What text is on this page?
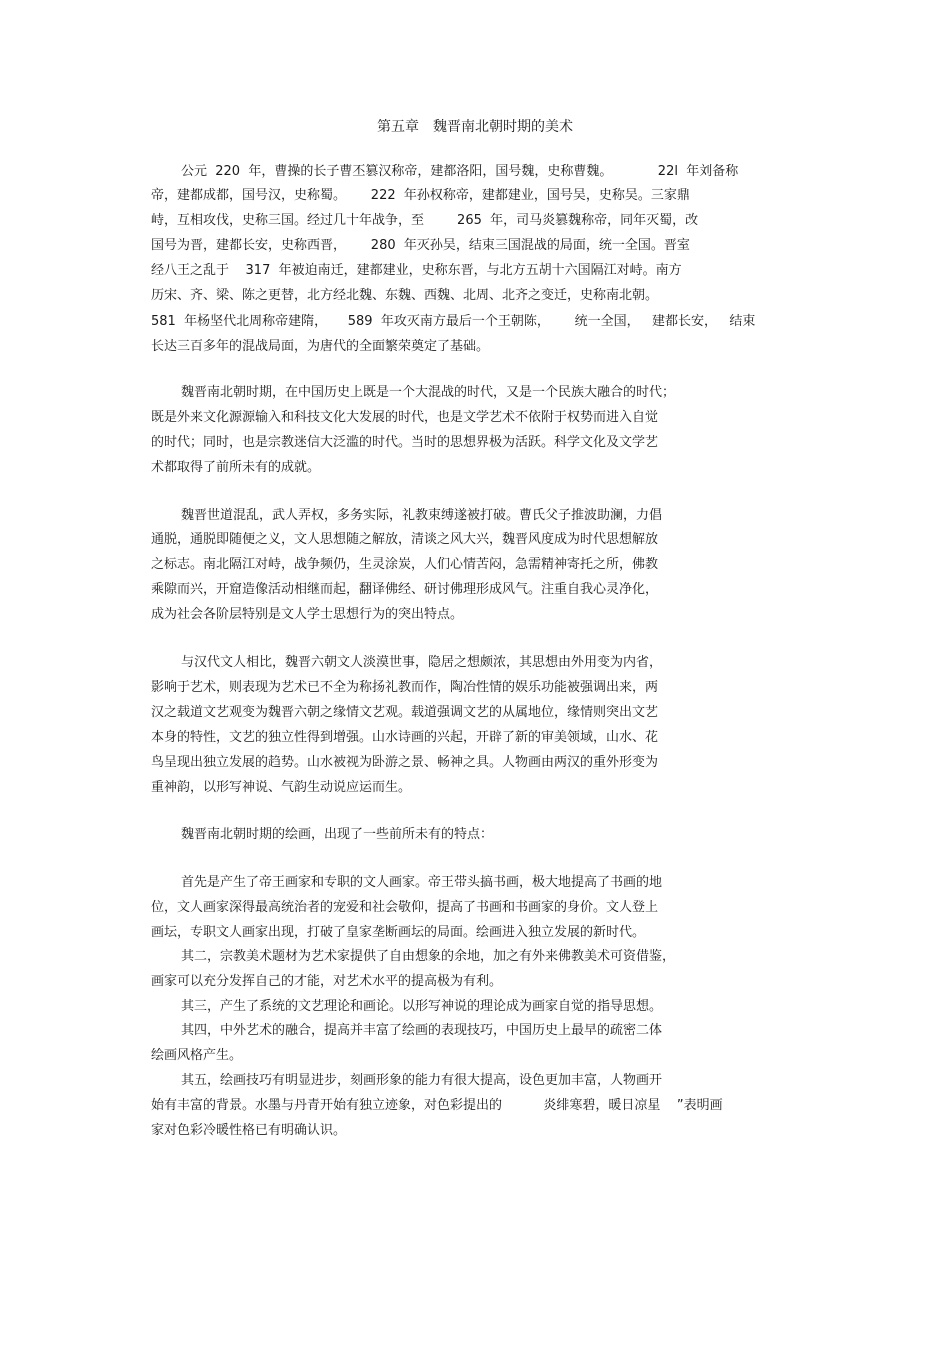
第五章　魏晋南北朝时期的美术
公元  220  年，曹操的长子曹丕篡汉称帝，建都洛阳，国号魏，史称曹魏。           22l  年刘备称
帝，建都成都，国号汉，史称蜀。      222  年孙权称帝，建都建业，国号吴，史称吴。三家鼎
峙，互相攻伐，史称三国。经过几十年战争，至        265  年，司马炎篡魏称帝，同年灭蜀，改
国号为晋，建都长安，史称西晋，      280  年灭孙吴，结束三国混战的局面，统一全国。晋室
经八王之乱于    317  年被迫南迁，建都建业，史称东晋，与北方五胡十六国隔江对峙。南方
历宋、齐、梁、陈之更替，北方经北魏、东魏、西魏、北周、北齐之变迁，史称南北朝。
581  年杨坚代北周称帝建隋，     589  年攻灭南方最后一个王朝陈，      统一全国，   建都长安，   结束
长达三百多年的混战局面，为唐代的全面繁荣奠定了基础。
魏晋南北朝时期，在中国历史上既是一个大混战的时代，又是一个民族大融合的时代；
既是外来文化源源输入和科技文化大发展的时代，也是文学艺术不依附于权势而进入自觉
的时代；同时，也是宗教迷信大泛滥的时代。当时的思想界极为活跃。科学文化及文学艺
术都取得了前所未有的成就。
魏晋世道混乱，武人弄权，多务实际，礼教束缚遂被打破。曹氏父子推波助澜，力倡
通脱，通脱即随便之义，文人思想随之解放，清谈之风大兴，魏晋风度成为时代思想解放
之标志。南北隔江对峙，战争频仍，生灵涂炭，人们心情苦闷，急需精神寄托之所，佛教
乘隙而兴，开窟造像活动相继而起，翻译佛经、研讨佛理形成风气。注重自我心灵净化，
成为社会各阶层特别是文人学士思想行为的突出特点。
与汉代文人相比，魏晋六朝文人淡漠世事，隐居之想颇浓，其思想由外用变为内省，
影响于艺术，则表现为艺术已不全为称扬礼教而作，陶冶性情的娱乐功能被强调出来，两
汉之载道文艺观变为魏晋六朝之缘情文艺观。载道强调文艺的从属地位，缘情则突出文艺
本身的特性，文艺的独立性得到增强。山水诗画的兴起，开辟了新的审美领域，山水、花
鸟呈现出独立发展的趋势。山水被视为卧游之景、畅神之具。人物画由两汉的重外形变为
重神韵，以形写神说、气韵生动说应运而生。
魏晋南北朝时期的绘画，出现了一些前所未有的特点：
首先是产生了帝王画家和专职的文人画家。帝王带头搞书画，极大地提高了书画的地
位，文人画家深得最高统治者的宠爱和社会敬仰，提高了书画和书画家的身价。文人登上
画坛，专职文人画家出现，打破了皇家垄断画坛的局面。绘画进入独立发展的新时代。
其二，宗教美术题材为艺术家提供了自由想象的余地，加之有外来佛教美术可资借鉴，
画家可以充分发挥自己的才能，对艺术水平的提高极为有利。
其三，产生了系统的文艺理论和画论。以形写神说的理论成为画家自觉的指导思想。
其四，中外艺术的融合，提高并丰富了绘画的表现技巧，中国历史上最早的疏密二体
绘画风格产生。
其五，绘画技巧有明显进步，刻画形象的能力有很大提高，设色更加丰富，人物画开
始有丰富的背景。水墨与丹青开始有独立迹象，对色彩提出的          炎绯寒碧，暖日凉星    ”表明画
家对色彩冷暖性格已有明确认识。
